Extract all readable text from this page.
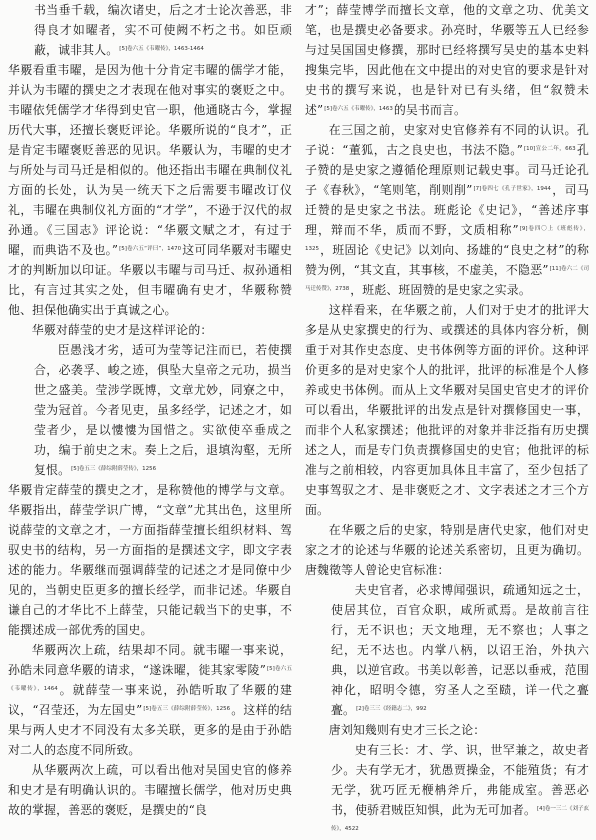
书当垂千载，编次诸史，后之才士论次善恶，非得良才如曜者，实不可使阙不朽之书。如臣顽蔽，诚非其人。$^{[5]卷六五《韦曜传》,1463-1464}$

华覈看重韦曜，是因为他十分肯定韦曜的儒学才能，并认为韦曜的撰史之才表现在他对事实的褒贬之中。韦曜依凭儒学才华得到史官一职，他通晓古今，掌握历代大事，还擅长褒贬评论。华覈所说的“良才”，正是肯定韦曜褒贬善恶的见识。华覈认为，韦曜的史才与所处与司马迁是相似的。他还指出韦曜在典制仪礼方面的长处，认为吴一统天下之后需要韦曜改订仪礼，韦曜在典制仪礼方面的“才学”，不逊于汉代的叔孙通。《三国志》评论说：“华覈文赋之才，有过于曜，而典诰不及也。”$^{[5]卷六五“评曰”,1470}$这可同华覈对韦曜史才的判断加以印证。华覈以韦曜与司马迁、叔孙通相比，有言过其实之处，但韦曜确有史才，华覈称赞他、担保他确实出于真诚之心。

华覈对薛莹的史才是这样评论的：

臣愚浅才劣，适可为莹等记注而已，若使撰合，必袭孚、峻之迹，俱坠大皇帝之元功，损当世之盛美。莹涉学既博，文章尤妙，同寮之中，莹为冠首。今者见吏，虽多经学，记述之才，如莹者少，是以慺慺为国惜之。实欲使卒垂成之功，编于前史之末。奏上之后，退填沟壑，无所复恨。$^{[5]卷五三《薛综附薛莹传》,1256}$

华覈肯定薛莹的撰史之才，是称赞他的博学与文章。华覈指出，薛莹学识广博，“文章”尤其出色，这里所说薛莹的文章之才，一方面指薛莹擅长组织材料、驾驭史书的结构，另一方面指的是撰述文字，即文字表述的能力。华覈继而强调薛莹的记述之才是同僚中少见的，当朝史臣更多的擅长经学，而非记述。华覈自谦自己的才华比不上薛莹，只能记载当下的史事，不能撰述成一部优秀的国史。

华覈两次上疏，结果却不同。就韦曜一事来说，孙皓未同意华覈的请求，“遂诛曜，徙其家零陵”$^{[5]卷六五《韦曜传》,1464}$。就薛莹一事来说，孙皓听取了华覈的建议，“召莹还，为左国史”$^{[5]卷五三《薛综附薛莹传》,1256}$。这样的结果与两人史才不同没有太多关联，更多的是由于孙皓对二人的态度不同所致。

从华覈两次上疏，可以看出他对吴国史官的修养和史才是有明确认识的。韦曜擅长儒学，他对历史典故的掌握，善恶的褒贬，是撰史的“良

才”；薛莹博学而擅长文章，他的文章之功、优美文笔，也是撰史必备要求。孙亮时，华覈等五人已经参与过吴国国史修撰，那时已经将撰写吴史的基本史料搜集完毕，因此他在文中提出的对史官的要求是针对史书的撰写来说，也是针对已有头绪，但“叙赞未述”$^{[5]卷六五《韦曜传》,1463}$的吴书而言。

在三国之前，史家对史官修养有不同的认识。孔子说：“董狐，古之良史也，书法不隐。”$^{[10]宣公二年,663}$孔子赞的是史家之遵循伦理原则记载史事。司马迁论孔子《春秋》，“笔则笔，削则削”$^{[7]卷四七《孔子世家》,1944}$，司马迁赞的是史家之书法。班彪论《史记》，“善述序事理，辩而不华，质而不野，文质相称”$^{[9]卷四〇上《班彪传》,1325}$，班固论《史记》以刘向、扬雄的“良史之材”的称赞为例，“其文直，其事核，不虚美，不隐恶”$^{[11]卷六二《司马迁传赞》,2738}$，班彪、班固赞的是史家之实录。

这样看来，在华覈之前，人们对于史才的批评大多是从史家撰史的行为、或撰述的具体内容分析，侧重于对其作史态度、史书体例等方面的评价。这种评价更多的是对史家个人的批评，批评的标准是个人修养或史书体例。而从上文华覈对吴国史官史才的评价可以看出，华覈批评的出发点是针对撰修国史一事，而非个人私家撰述；他批评的对象并非泛指有历史撰述之人，而是专门负责撰修国史的史官；他批评的标准与之前相较，内容更加具体且丰富了，至少包括了史事驾驭之才、是非褒贬之才、文字表述之才三个方面。

在华覈之后的史家，特别是唐代史家，他们对史家之才的论述与华覈的论述关系密切，且更为确切。唐魏徵等人曾论史官标准：

夫史官者，必求博闻强识，疏通知远之士，使居其位，百官众职，咸所贰焉。是故前言往行，无不识也；天文地理，无不察也；人事之纪，无不达也。内掌八柄，以诏王治，外执六典，以逆官政。书美以彰善，记恶以垂戒，范围神化，昭明令德，穷圣人之至赜，详一代之亹亹。$^{[2]卷三三《经籍志二》,992}$

唐刘知幾则有史才三长之论：

史有三长：才、学、识，世罕兼之，故史者少。夫有学无才，犹愚贾操金，不能殖货；有才无学，犹巧匠无楩柟斧斤，弗能成室。善恶必书，使骄君贼臣知惧，此为无可加者。$^{[4]卷一三二《刘子玄传》,4522}$
